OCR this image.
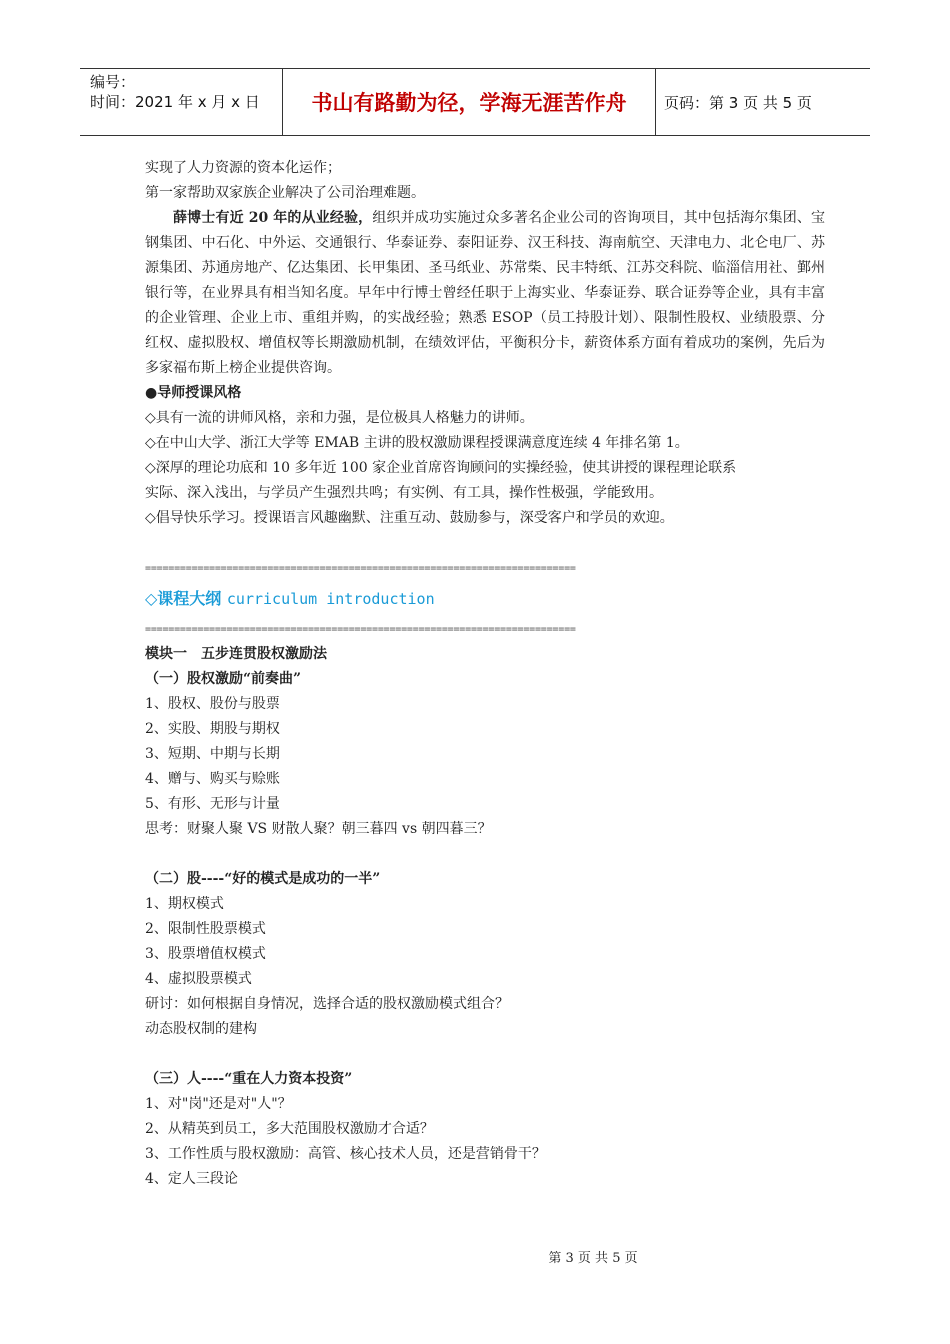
编号：
时间：2021 年 x 月 x 日	书山有路勤为径，学海无涯苦作舟	页码：第 3 页 共 5 页
实现了人力资源的资本化运作；
第一家帮助双家族企业解决了公司治理难题。

薛博士有近 20 年的从业经验，组织并成功实施过众多著名企业公司的咨询项目，其中包括海尔集团、宝钢集团、中石化、中外运、交通银行、华泰证券、泰阳证券、汉王科技、海南航空、天津电力、北仑电厂、苏源集团、苏通房地产、亿达集团、长甲集团、圣马纸业、苏常柴、民丰特纸、江苏交科院、临淄信用社、鄞州银行等，在业界具有相当知名度。早年中行博士曾经任职于上海实业、华泰证券、联合证券等企业，具有丰富的企业管理、企业上市、重组并购，的实战经验；熟悉 ESOP（员工持股计划）、限制性股权、业绩股票、分红权、虚拟股权、增值权等长期激励机制，在绩效评估，平衡积分卡，薪资体系方面有着成功的案例，先后为多家福布斯上榜企业提供咨询。

●导师授课风格
◇具有一流的讲师风格，亲和力强，是位极具人格魅力的讲师。
◇在中山大学、浙江大学等 EMAB 主讲的股权激励课程授课满意度连续 4 年排名第 1。
◇深厚的理论功底和 10 多年近 100 家企业首席咨询顾问的实操经验，使其讲授的课程理论联系
实际、深入浅出，与学员产生强烈共鸣；有实例、有工具，操作性极强，学能致用。
◇倡导快乐学习。授课语言风趣幽默、注重互动、鼓励参与，深受客户和学员的欢迎。
==========================================================================
◇课程大纲 curriculum introduction
==========================================================================
模块一　五步连贯股权激励法
（一）股权激励“前奏曲”
1、股权、股份与股票
2、实股、期股与期权
3、短期、中期与长期
4、赠与、购买与赊账
5、有形、无形与计量
思考：财聚人聚 VS 财散人聚？朝三暮四 vs 朝四暮三？
（二）股----“好的模式是成功的一半”
1、期权模式
2、限制性股票模式
3、股票增值权模式
4、虚拟股票模式
研讨：如何根据自身情况，选择合适的股权激励模式组合？
动态股权制的建构
（三）人----“重在人力资本投资”
1、对"岗"还是对"人"？
2、从精英到员工，多大范围股权激励才合适？
3、工作性质与股权激励：高管、核心技术人员，还是营销骨干？
4、定人三段论
第 3 页 共 5 页
